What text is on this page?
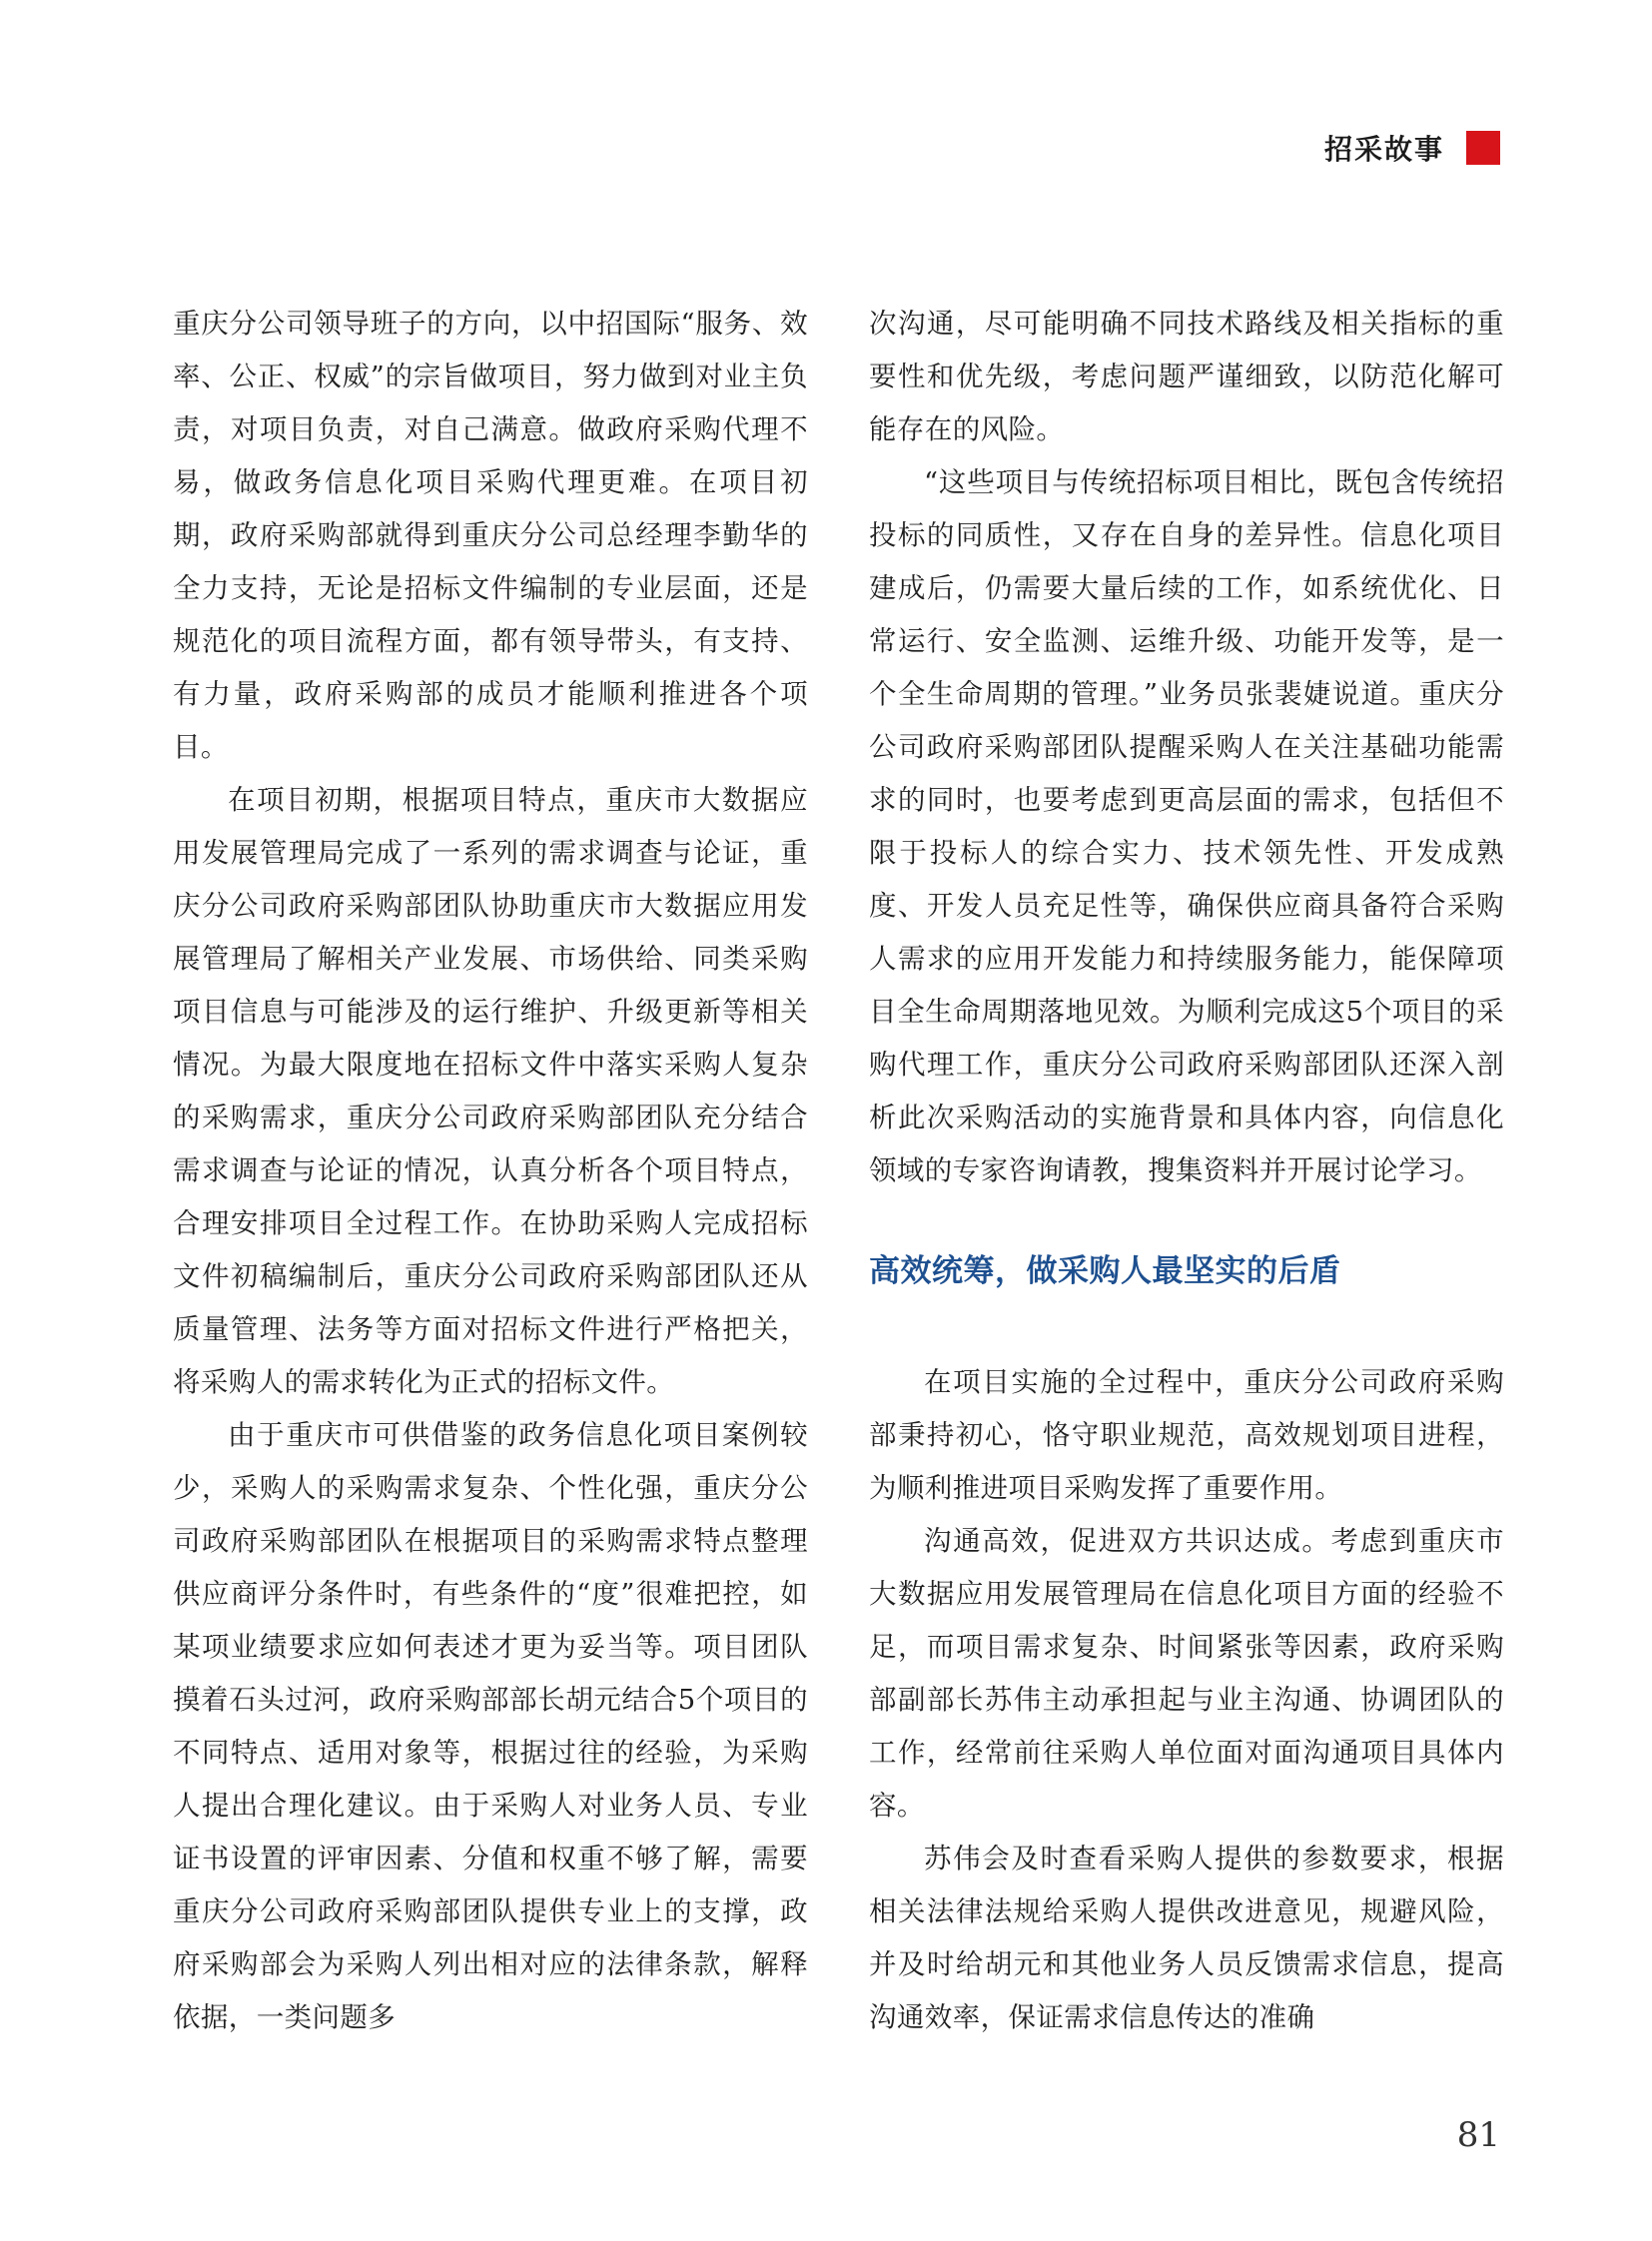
招采故事

重庆分公司领导班子的方向，以中招国际“服务、效率、公正、权威”的宗旨做项目，努力做到对业主负责，对项目负责，对自己满意。做政府采购代理不易，做政务信息化项目采购代理更难。在项目初期，政府采购部就得到重庆分公司总经理李勤华的全力支持，无论是招标文件编制的专业层面，还是规范化的项目流程方面，都有领导带头，有支持、有力量，政府采购部的成员才能顺利推进各个项目。

在项目初期，根据项目特点，重庆市大数据应用发展管理局完成了一系列的需求调查与论证，重庆分公司政府采购部团队协助重庆市大数据应用发展管理局了解相关产业发展、市场供给、同类采购项目信息与可能涉及的运行维护、升级更新等相关情况。为最大限度地在招标文件中落实采购人复杂的采购需求，重庆分公司政府采购部团队充分结合需求调查与论证的情况，认真分析各个项目特点，合理安排项目全过程工作。在协助采购人完成招标文件初稿编制后，重庆分公司政府采购部团队还从质量管理、法务等方面对招标文件进行严格把关，将采购人的需求转化为正式的招标文件。

由于重庆市可供借鉴的政务信息化项目案例较少，采购人的采购需求复杂、个性化强，重庆分公司政府采购部团队在根据项目的采购需求特点整理供应商评分条件时，有些条件的“度”很难把控，如某项业绩要求应如何表述才更为妥当等。项目团队摸着石头过河，政府采购部部长胡元结合5个项目的不同特点、适用对象等，根据过往的经验，为采购人提出合理化建议。由于采购人对业务人员、专业证书设置的评审因素、分值和权重不够了解，需要重庆分公司政府采购部团队提供专业上的支撑，政府采购部会为采购人列出相对应的法律条款，解释依据，一类问题多

次沟通，尽可能明确不同技术路线及相关指标的重要性和优先级，考虑问题严谨细致，以防范化解可能存在的风险。

“这些项目与传统招标项目相比，既包含传统招投标的同质性，又存在自身的差异性。信息化项目建成后，仍需要大量后续的工作，如系统优化、日常运行、安全监测、运维升级、功能开发等，是一个全生命周期的管理。”业务员张裴婕说道。重庆分公司政府采购部团队提醒采购人在关注基础功能需求的同时，也要考虑到更高层面的需求，包括但不限于投标人的综合实力、技术领先性、开发成熟度、开发人员充足性等，确保供应商具备符合采购人需求的应用开发能力和持续服务能力，能保障项目全生命周期落地见效。为顺利完成这5个项目的采购代理工作，重庆分公司政府采购部团队还深入剖析此次采购活动的实施背景和具体内容，向信息化领域的专家咨询请教，搜集资料并开展讨论学习。

高效统筹，做采购人最坚实的后盾

在项目实施的全过程中，重庆分公司政府采购部秉持初心，恪守职业规范，高效规划项目进程，为顺利推进项目采购发挥了重要作用。

沟通高效，促进双方共识达成。考虑到重庆市大数据应用发展管理局在信息化项目方面的经验不足，而项目需求复杂、时间紧张等因素，政府采购部副部长苏伟主动承担起与业主沟通、协调团队的工作，经常前往采购人单位面对面沟通项目具体内容。

苏伟会及时查看采购人提供的参数要求，根据相关法律法规给采购人提供改进意见，规避风险，并及时给胡元和其他业务人员反馈需求信息，提高沟通效率，保证需求信息传达的准确

81
